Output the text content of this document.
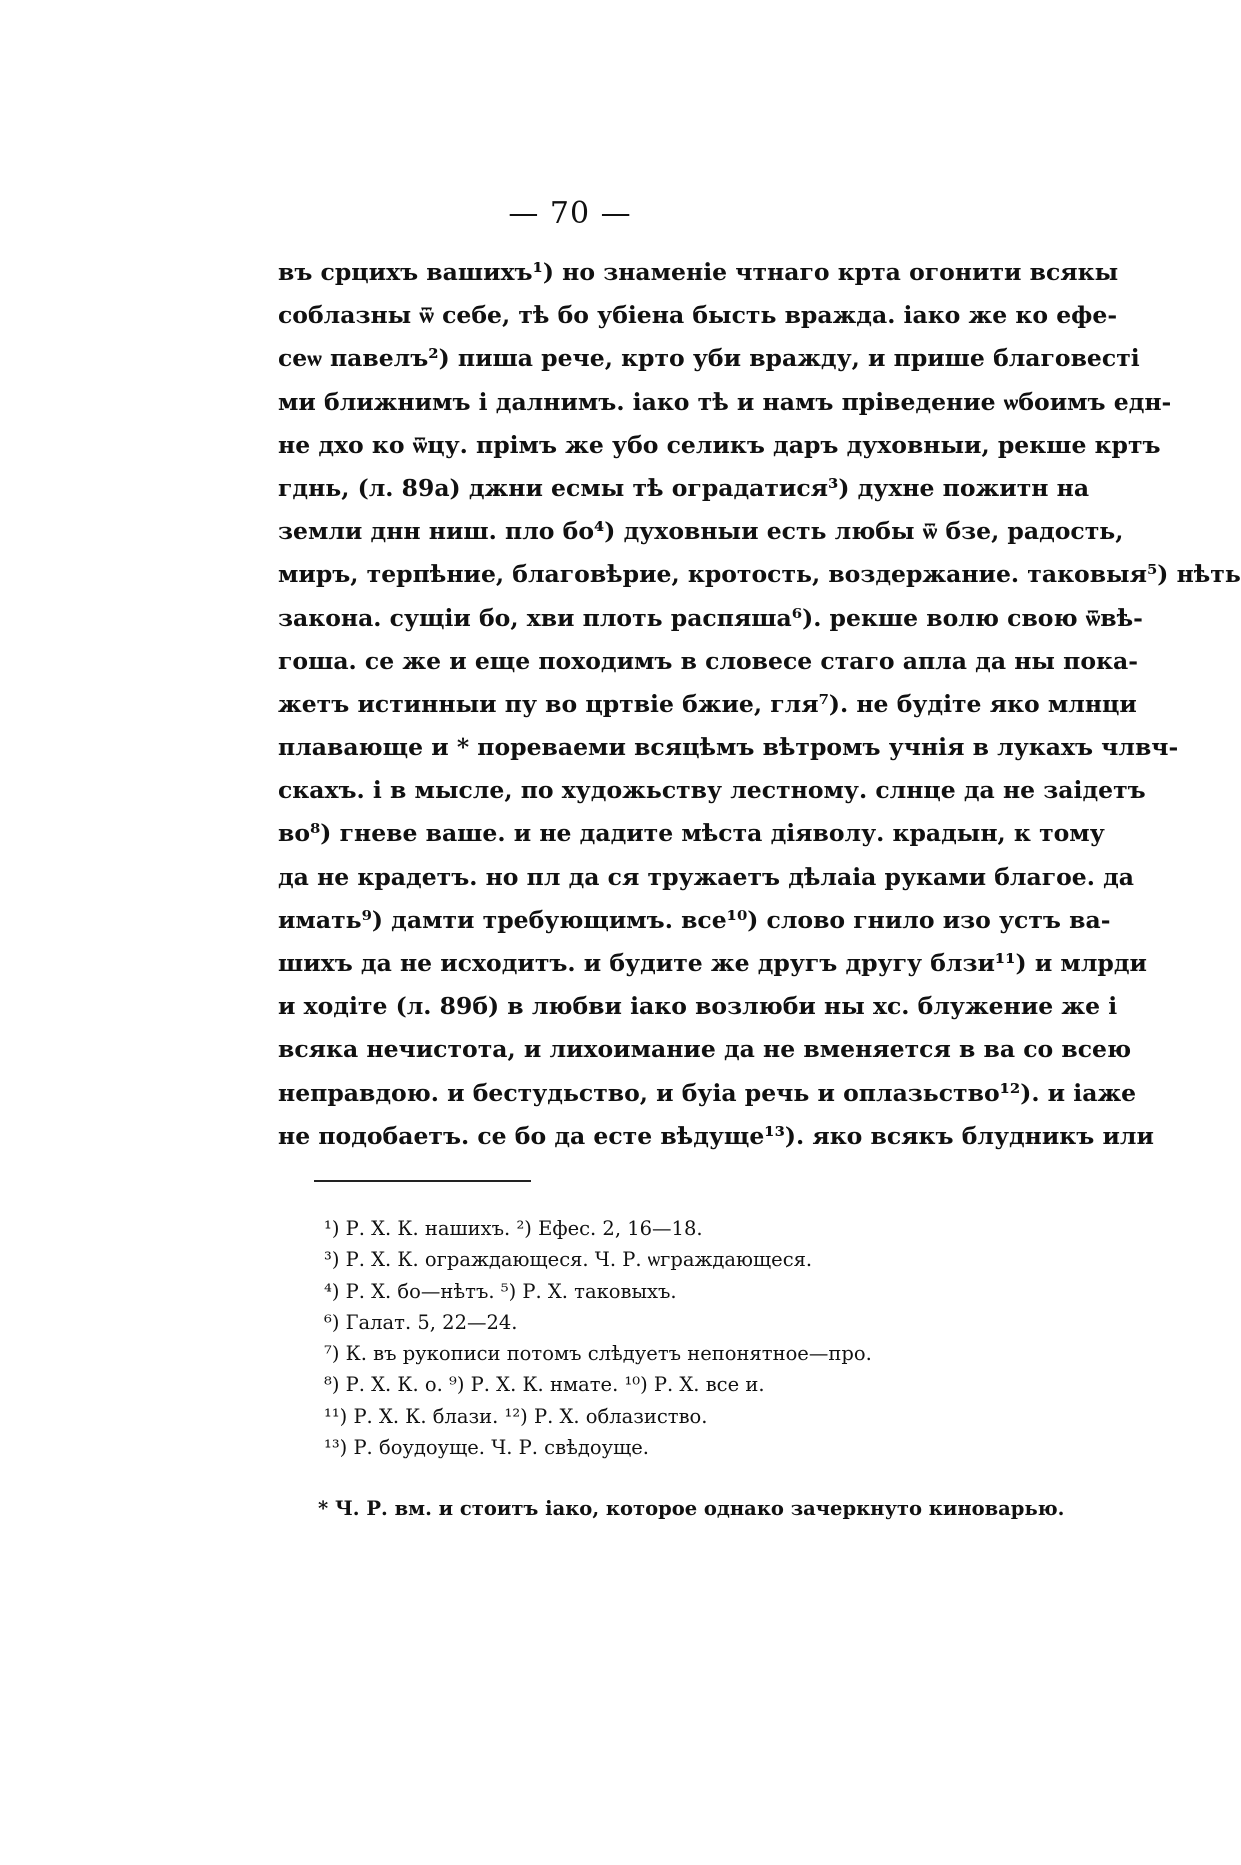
— 70 —
въ срцихъ вашихъ¹) но знаменіе чтнаго крта огонити всякы
соблазны ѿ себе, тѣ бо убіена бысть вражда. іако же ко ефе-
сеѡ павелъ²) пиша рече, крто уби вражду, и прише благовестi
ми ближнимъ і далнимъ. іако тѣ и намъ прiведение ѡбоимъ едн-
не дхо ко ѿцу. прiмъ же убо селикъ даръ духовныи, рекше кртъ
гднь, (л. 89а) джни есмы тѣ оградатися³) духне пожитн на
земли днн ниш. пло бо⁴) духовныи есть любы ѿ бзе, радость,
миръ, терпѣние, благовѣрие, кротость, воздержание. таковыя⁵) нѣть
закона. сущiи бо, хви плоть распяша⁶). рекше волю свою ѿвѣ-
гоша. се же и еще походимъ в словесе стаго апла да ны пока-
жетъ истинныи пу во цртвiе бжие, гля⁷). не будiте яко млнци
плавающе и * пореваеми всяцѣмъ вѣтромъ учнія в лукахъ члвч-
скахъ. і в мысле, по художьству лестному. слнце да не заiдетъ
во⁸) гневе ваше. и не дадите мѣста дiяволу. крадын, к тому
да не крадетъ. но пл да ся тружаетъ дѣлаіа руками благое. да
имать⁹) дамти требующимъ. все¹⁰) слово гнило изо устъ ва-
шихъ да не исходитъ. и будите же другъ другу блзи¹¹) и млрди
и ходiте (л. 89б) в любви іако возлюби ны хс. блужение же і
всяка нечистота, и лихоимание да не вменяется в вa со всею
неправдою. и бестудьство, и буіа речь и оплазьство¹²). и іаже
не подобаетъ. се бо да есте вѣдуще¹³). яко всякъ блудникъ или
¹) Р. Х. К. нашихъ. ²) Ефес. 2, 16—18.
³) Р. Х. К. ограждающеся. Ч. Р. ѡграждающеся.
⁴) Р. Х. бо—нѣтъ. ⁵) Р. Х. таковыхъ.
⁶) Галат. 5, 22—24.
⁷) К. въ рукописи потомъ слѣдуетъ непонятное—про.
⁸) Р. Х. К. о. ⁹) Р. Х. К. нмате. ¹⁰) Р. Х. все и.
¹¹) Р. Х. К. блази. ¹²) Р. Х. облазиство.
¹³) Р. боудоуще. Ч. Р. свѣдоуще.
* Ч. Р. вм. и стоитъ іако, которое однако зачеркнуто киноварью.
